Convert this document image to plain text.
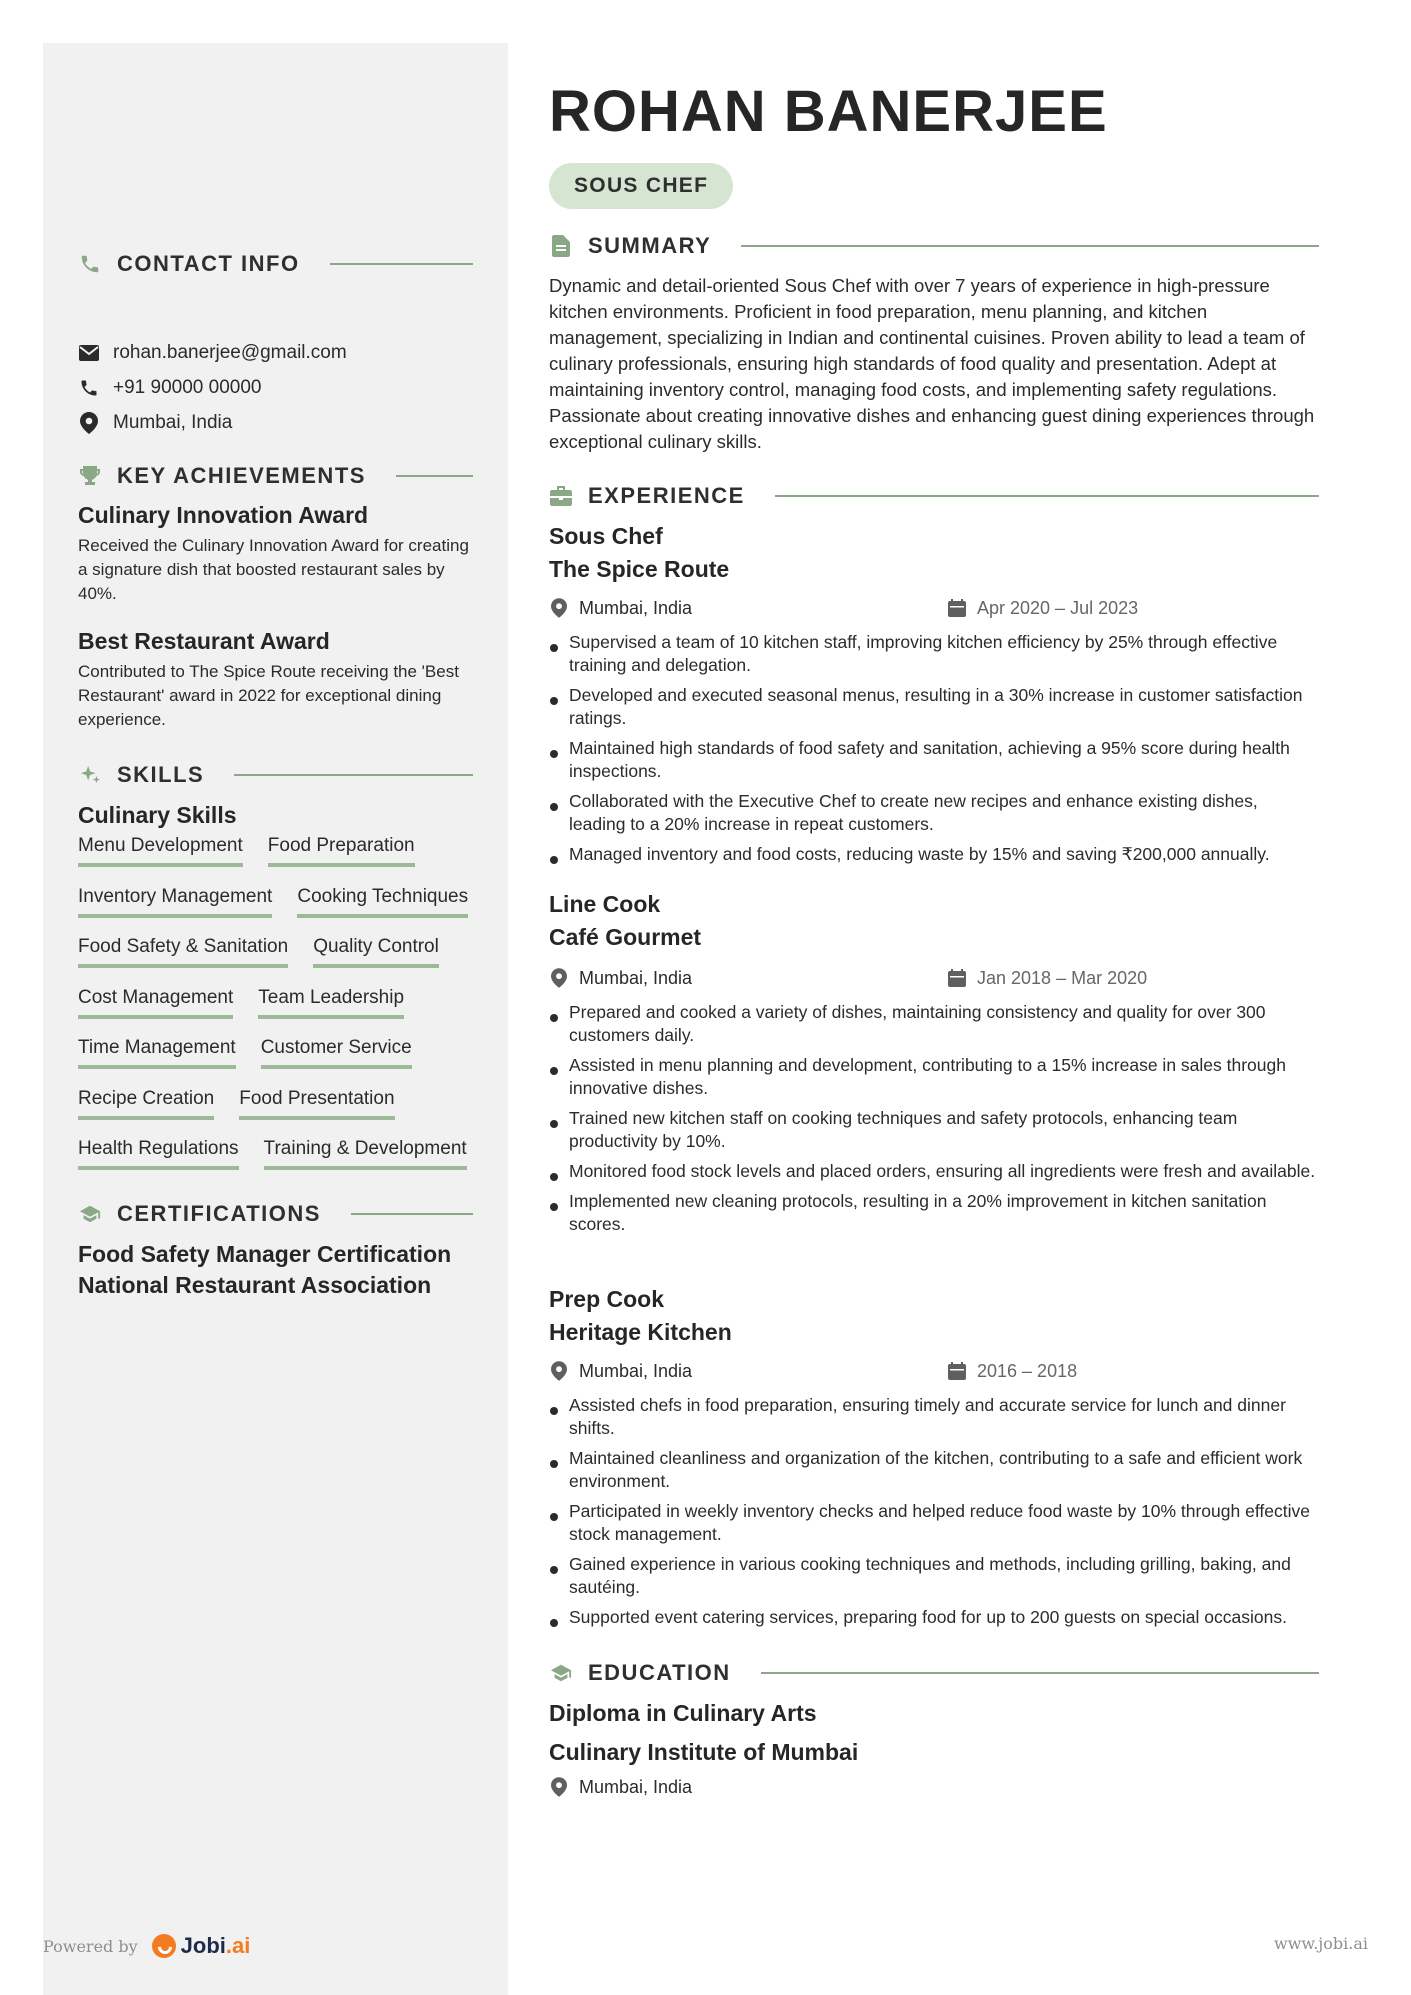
CONTACT INFO
rohan.banerjee@gmail.com
+91 90000 00000
Mumbai, India
KEY ACHIEVEMENTS
Culinary Innovation Award
Received the Culinary Innovation Award for creating a signature dish that boosted restaurant sales by 40%.
Best Restaurant Award
Contributed to The Spice Route receiving the 'Best Restaurant' award in 2022 for exceptional dining experience.
SKILLS
Culinary Skills
Menu Development Food Preparation
Inventory Management Cooking Techniques
Food Safety & Sanitation Quality Control
Cost Management Team Leadership
Time Management Customer Service
Recipe Creation Food Presentation
Health Regulations Training & Development
CERTIFICATIONS
Food Safety Manager Certification
National Restaurant Association
ROHAN BANERJEE
SOUS CHEF
SUMMARY
Dynamic and detail-oriented Sous Chef with over 7 years of experience in high-pressure kitchen environments. Proficient in food preparation, menu planning, and kitchen management, specializing in Indian and continental cuisines. Proven ability to lead a team of culinary professionals, ensuring high standards of food quality and presentation. Adept at maintaining inventory control, managing food costs, and implementing safety regulations. Passionate about creating innovative dishes and enhancing guest dining experiences through exceptional culinary skills.
EXPERIENCE
Sous Chef
The Spice Route
Mumbai, India	Apr 2020 – Jul 2023
Supervised a team of 10 kitchen staff, improving kitchen efficiency by 25% through effective training and delegation.
Developed and executed seasonal menus, resulting in a 30% increase in customer satisfaction ratings.
Maintained high standards of food safety and sanitation, achieving a 95% score during health inspections.
Collaborated with the Executive Chef to create new recipes and enhance existing dishes, leading to a 20% increase in repeat customers.
Managed inventory and food costs, reducing waste by 15% and saving ₹200,000 annually.
Line Cook
Café Gourmet
Mumbai, India	Jan 2018 – Mar 2020
Prepared and cooked a variety of dishes, maintaining consistency and quality for over 300 customers daily.
Assisted in menu planning and development, contributing to a 15% increase in sales through innovative dishes.
Trained new kitchen staff on cooking techniques and safety protocols, enhancing team productivity by 10%.
Monitored food stock levels and placed orders, ensuring all ingredients were fresh and available.
Implemented new cleaning protocols, resulting in a 20% improvement in kitchen sanitation scores.
Prep Cook
Heritage Kitchen
Mumbai, India	2016 – 2018
Assisted chefs in food preparation, ensuring timely and accurate service for lunch and dinner shifts.
Maintained cleanliness and organization of the kitchen, contributing to a safe and efficient work environment.
Participated in weekly inventory checks and helped reduce food waste by 10% through effective stock management.
Gained experience in various cooking techniques and methods, including grilling, baking, and sautéing.
Supported event catering services, preparing food for up to 200 guests on special occasions.
EDUCATION
Diploma in Culinary Arts
Culinary Institute of Mumbai
Mumbai, India
Powered by Jobi.ai	www.jobi.ai
